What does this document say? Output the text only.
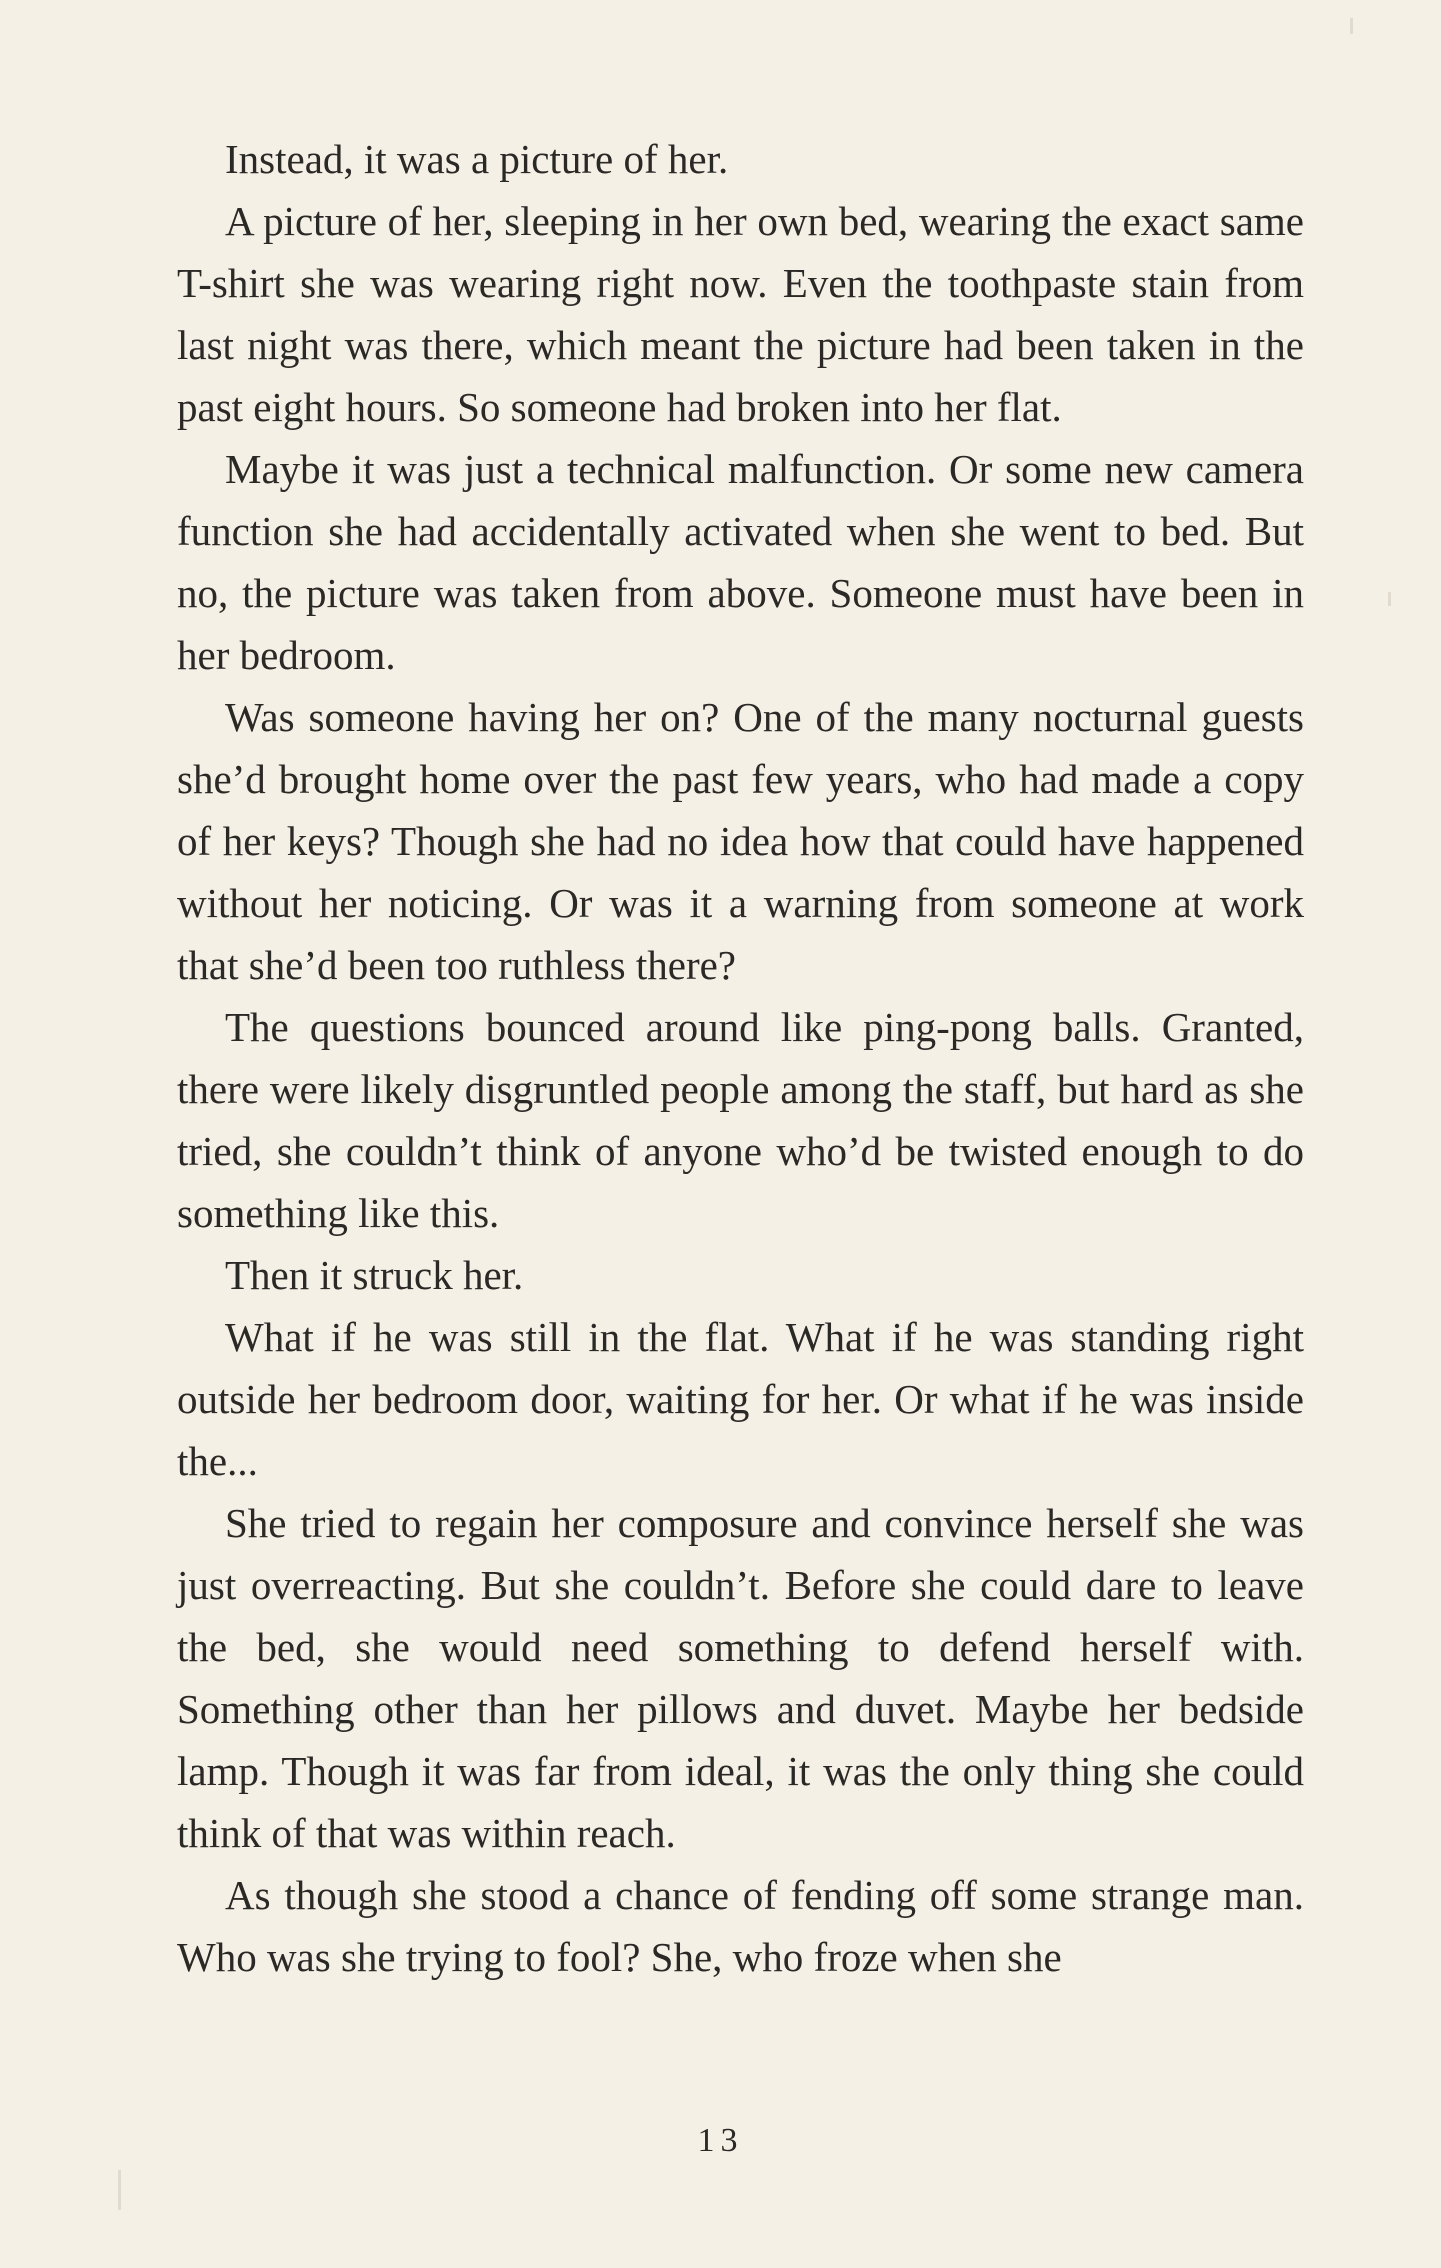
Instead, it was a picture of her.

A picture of her, sleeping in her own bed, wearing the exact same T-shirt she was wearing right now. Even the toothpaste stain from last night was there, which meant the picture had been taken in the past eight hours. So someone had broken into her flat.

Maybe it was just a technical malfunction. Or some new camera function she had accidentally activated when she went to bed. But no, the picture was taken from above. Someone must have been in her bedroom.

Was someone having her on? One of the many nocturnal guests she’d brought home over the past few years, who had made a copy of her keys? Though she had no idea how that could have happened without her noticing. Or was it a warning from someone at work that she’d been too ruthless there?

The questions bounced around like ping-pong balls. Granted, there were likely disgruntled people among the staff, but hard as she tried, she couldn’t think of anyone who’d be twisted enough to do something like this.

Then it struck her.

What if he was still in the flat. What if he was standing right outside her bedroom door, waiting for her. Or what if he was inside the...

She tried to regain her composure and convince herself she was just overreacting. But she couldn’t. Before she could dare to leave the bed, she would need something to defend herself with. Something other than her pillows and duvet. Maybe her bedside lamp. Though it was far from ideal, it was the only thing she could think of that was within reach.

As though she stood a chance of fending off some strange man. Who was she trying to fool? She, who froze when she

13
